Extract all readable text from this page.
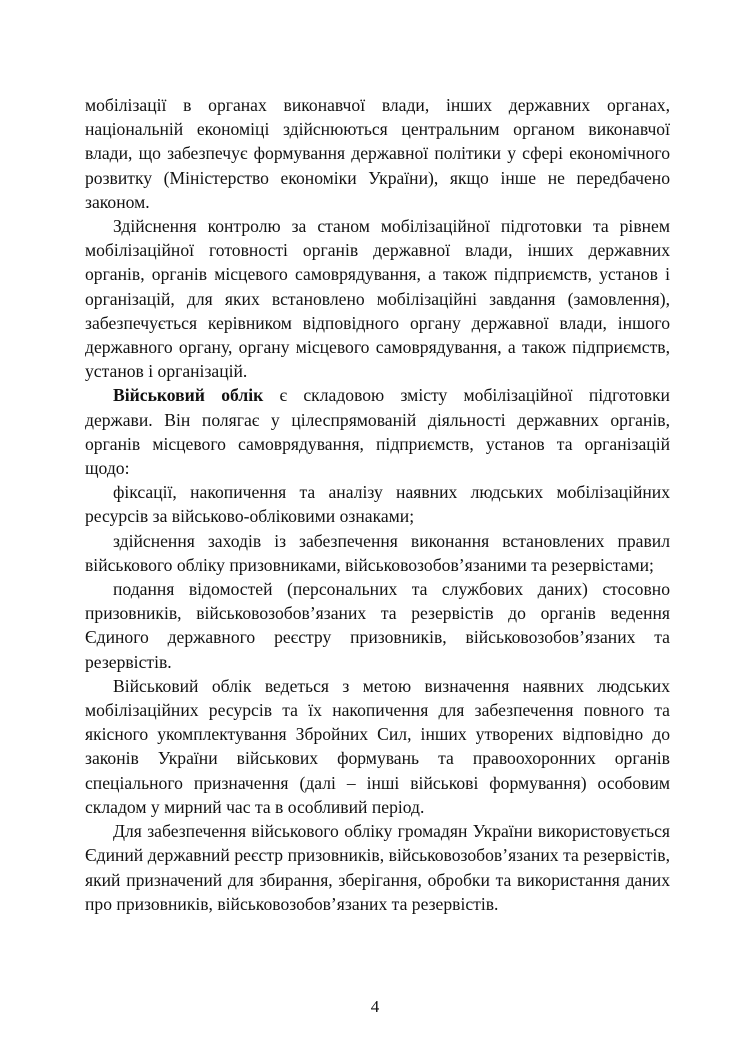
мобілізації в органах виконавчої влади, інших державних органах, національній економіці здійснюються центральним органом виконавчої влади, що забезпечує формування державної політики у сфері економічного розвитку (Міністерство економіки України), якщо інше не передбачено законом.

Здійснення контролю за станом мобілізаційної підготовки та рівнем мобілізаційної готовності органів державної влади, інших державних органів, органів місцевого самоврядування, а також підприємств, установ і організацій, для яких встановлено мобілізаційні завдання (замовлення), забезпечується керівником відповідного органу державної влади, іншого державного органу, органу місцевого самоврядування, а також підприємств, установ і організацій.

Військовий облік є складовою змісту мобілізаційної підготовки держави. Він полягає у цілеспрямованій діяльності державних органів, органів місцевого самоврядування, підприємств, установ та організацій щодо:

фіксації, накопичення та аналізу наявних людських мобілізаційних ресурсів за військово-обліковими ознаками;

здійснення заходів із забезпечення виконання встановлених правил військового обліку призовниками, військовозобов’язаними та резервістами;

подання відомостей (персональних та службових даних) стосовно призовників, військовозобов’язаних та резервістів до органів ведення Єдиного державного реєстру призовників, військовозобов’язаних та резервістів.

Військовий облік ведеться з метою визначення наявних людських мобілізаційних ресурсів та їх накопичення для забезпечення повного та якісного укомплектування Збройних Сил, інших утворених відповідно до законів України військових формувань та правоохоронних органів спеціального призначення (далі – інші військові формування) особовим складом у мирний час та в особливий період.

Для забезпечення військового обліку громадян України використовується Єдиний державний реєстр призовників, військовозобов’язаних та резервістів, який призначений для збирання, зберігання, обробки та використання даних про призовників, військовозобов’язаних та резервістів.

4
